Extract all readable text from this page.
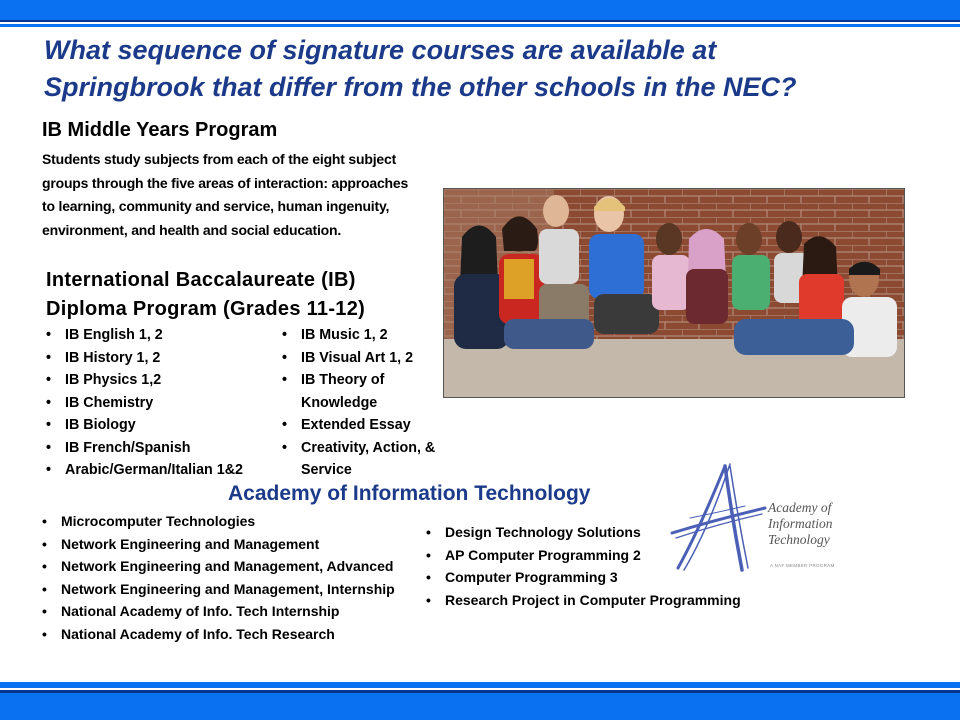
What sequence of signature courses are available at Springbrook that differ from the other schools in the NEC?
IB Middle Years Program
Students study subjects from each of the eight subject groups through the five areas of interaction: approaches to learning, community and service, human ingenuity, environment, and health and social education.
International Baccalaureate (IB) Diploma Program (Grades 11-12)
• IB English 1, 2
• IB History 1, 2
• IB Physics 1,2
• IB Chemistry
• IB Biology
• IB French/Spanish
• Arabic/German/Italian 1&2
• IB Music 1, 2
• IB Visual Art 1, 2
• IB Theory of Knowledge
• Extended Essay
• Creativity, Action, & Service
Academy of Information Technology
• Microcomputer Technologies
• Network Engineering and Management
• Network Engineering and Management, Advanced
• Network Engineering and Management, Internship
• National Academy of Info. Tech Internship
• National Academy of Info. Tech Research
• Design Technology Solutions
• AP Computer Programming 2
• Computer Programming 3
• Research Project in Computer Programming
Academy of
Information
Technology
A NAF MEMBER PROGRAM
